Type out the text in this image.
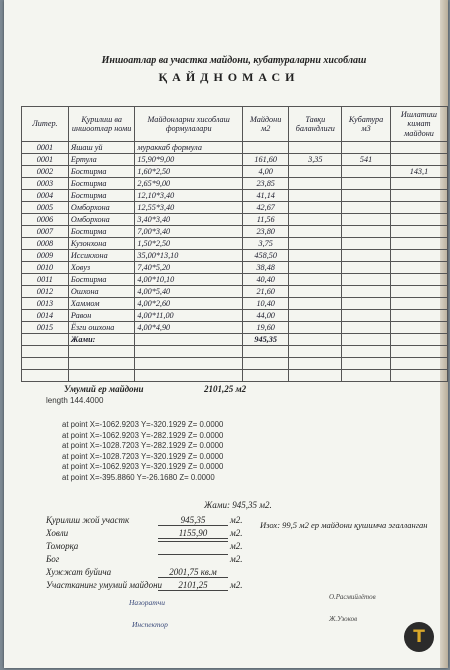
Иншоатлар ва участка майдони, кубатураларни хисоблаш
ҚАЙДНОМАСИ
Литер.	Қурилиш ва иншоотлар номи	Майдонларни хисоблаш формулалари	Майдони м2	Тавқи баландлиги	Кубатура м3	Ишлатиш кимат майдони
0001	Яшаш уй	мураккаб формула				
0001	Ертула	15,90*9,00	161,60	3,35	541	
0002	Бостирма	1,60*2,50	4,00			143,1
0003	Бостирма	2,65*9,00	23,85			
0004	Бостирма	12,10*3,40	41,14			
0005	Омборхона	12,55*3,40	42,67			
0006	Омборхона	3,40*3,40	11,56			
0007	Бостирма	7,00*3,40	23,80			
0008	Кузонхона	1,50*2,50	3,75			
0009	Иссикхона	35,00*13,10	458,50			
0010	Ховуз	7,40*5,20	38,48			
0011	Бостирма	4,00*10,10	40,40			
0012	Ошхона	4,00*5,40	21,60			
0013	Хаммом	4,00*2,60	10,40			
0014	Равон	4,00*11,00	44,00			
0015	Ёзги ошхона	4,00*4,90	19,60			
	Жами:		945,35			

Умумий ер майдони	2101,25 м2
length 144.4000
at point X=-1062.9203 Y=-320.1929 Z= 0.0000
at point X=-1062.9203 Y=-282.1929 Z= 0.0000
at point X=-1028.7203 Y=-282.1929 Z= 0.0000
at point X=-1028.7203 Y=-320.1929 Z= 0.0000
at point X=-1062.9203 Y=-320.1929 Z= 0.0000
at point X=-395.8860 Y=-26.1680 Z= 0.0000
Жами: 945,35 м2.
Қурилиш жой участк	945,35	м2.
Ховли	1155,90	м2.
Томорқа	м2.
Бог	м2.
Хужжат буйича	2001,75 кв.м
Участканинг умумий майдони	2101,25	м2.
Изох: 99,5 м2 ер майдони қушимча эгалланган
Назоратчи
Инспектор
О.Расмийлётов
Ж.Узоков
T
